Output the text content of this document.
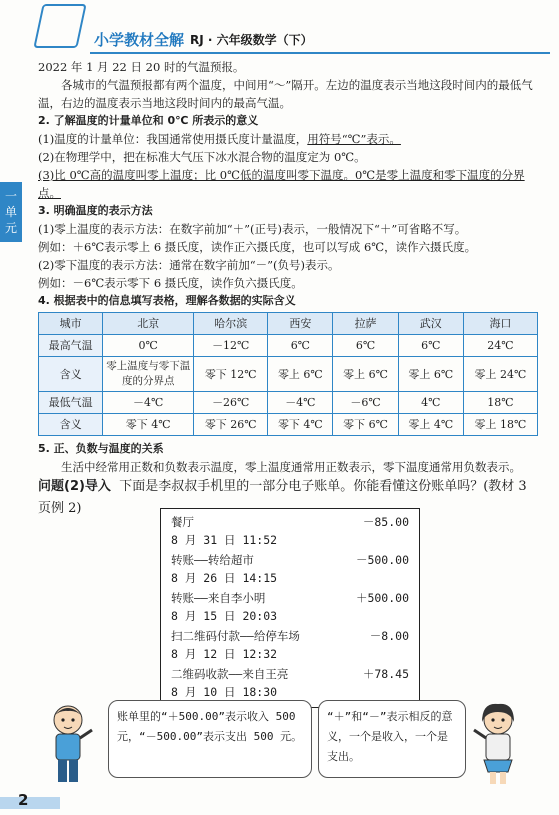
小学教材全解 RJ · 六年级数学（下）
一
单
元

2022 年 1 月 22 日 20 时的气温预报。

各城市的气温预报都有两个温度，中间用“～”隔开。左边的温度表示当地这段时间内的最低气温，右边的温度表示当地这段时间内的最高气温。

2. 了解温度的计量单位和 0℃ 所表示的意义

(1)温度的计量单位：我国通常使用摄氏度计量温度，用符号“℃”表示。

(2)在物理学中，把在标准大气压下冰水混合物的温度定为 0℃。

(3)比 0℃高的温度叫零上温度；比 0℃低的温度叫零下温度。0℃是零上温度和零下温度的分界点。

3. 明确温度的表示方法

(1)零上温度的表示方法：在数字前加“＋”(正号)表示，一般情况下“＋”可省略不写。

例如：＋6℃表示零上 6 摄氏度，读作正六摄氏度，也可以写成 6℃，读作六摄氏度。

(2)零下温度的表示方法：通常在数字前加“－”(负号)表示。

例如：－6℃表示零下 6 摄氏度，读作负六摄氏度。

4. 根据表中的信息填写表格，理解各数据的实际含义

城市	北京	哈尔滨	西安	拉萨	武汉	海口
最高气温	0℃	－12℃	6℃	6℃	6℃	24℃
含义	零上温度与零下温度的分界点	零下 12℃	零上 6℃	零上 6℃	零上 6℃	零上 24℃
最低气温	－4℃	－26℃	－4℃	－6℃	4℃	18℃
含义	零下 4℃	零下 26℃	零下 4℃	零下 6℃	零上 4℃	零上 18℃

5. 正、负数与温度的关系

生活中经常用正数和负数表示温度，零上温度通常用正数表示，零下温度通常用负数表示。

问题(2)导入 下面是李叔叔手机里的一部分电子账单。你能看懂这份账单吗？(教材 3 页例 2)

餐厅	－85.00
8 月 31 日 11:52
转账——转给超市	－500.00
8 月 26 日 14:15
转账——来自李小明	＋500.00
8 月 15 日 20:03
扫二维码付款——给停车场	－8.00
8 月 12 日 12:32
二维码收款——来自王亮	＋78.45
8 月 10 日 18:30
账单里的“＋500.00”表示收入 500 元，“－500.00”表示支出 500 元。
“＋”和“－”表示相反的意义，一个是收入，一个是支出。
2
